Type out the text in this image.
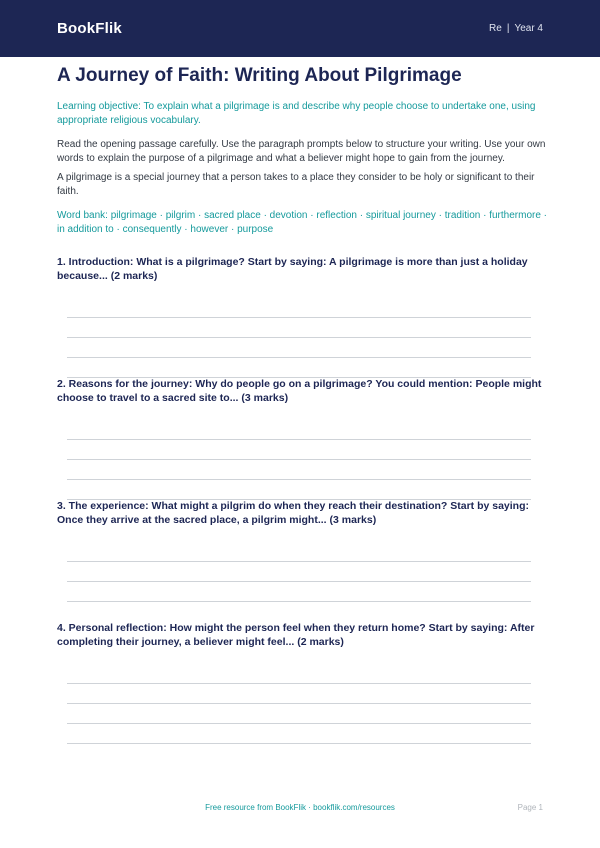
BookFlik	Re | Year 4
A Journey of Faith: Writing About Pilgrimage

Learning objective: To explain what a pilgrimage is and describe why people choose to undertake one, using appropriate religious vocabulary.

Read the opening passage carefully. Use the paragraph prompts below to structure your writing. Use your own words to explain the purpose of a pilgrimage and what a believer might hope to gain from the journey.

A pilgrimage is a special journey that a person takes to a place they consider to be holy or significant to their faith.

Word bank: pilgrimage · pilgrim · sacred place · devotion · reflection · spiritual journey · tradition · furthermore · in addition to · consequently · however · purpose

1. Introduction: What is a pilgrimage? Start by saying: A pilgrimage is more than just a holiday because... (2 marks)

2. Reasons for the journey: Why do people go on a pilgrimage? You could mention: People might choose to travel to a sacred site to... (3 marks)

3. The experience: What might a pilgrim do when they reach their destination? Start by saying: Once they arrive at the sacred place, a pilgrim might... (3 marks)

4. Personal reflection: How might the person feel when they return home? Start by saying: After completing their journey, a believer might feel... (2 marks)

Free resource from BookFlik · bookflik.com/resources	Page 1
